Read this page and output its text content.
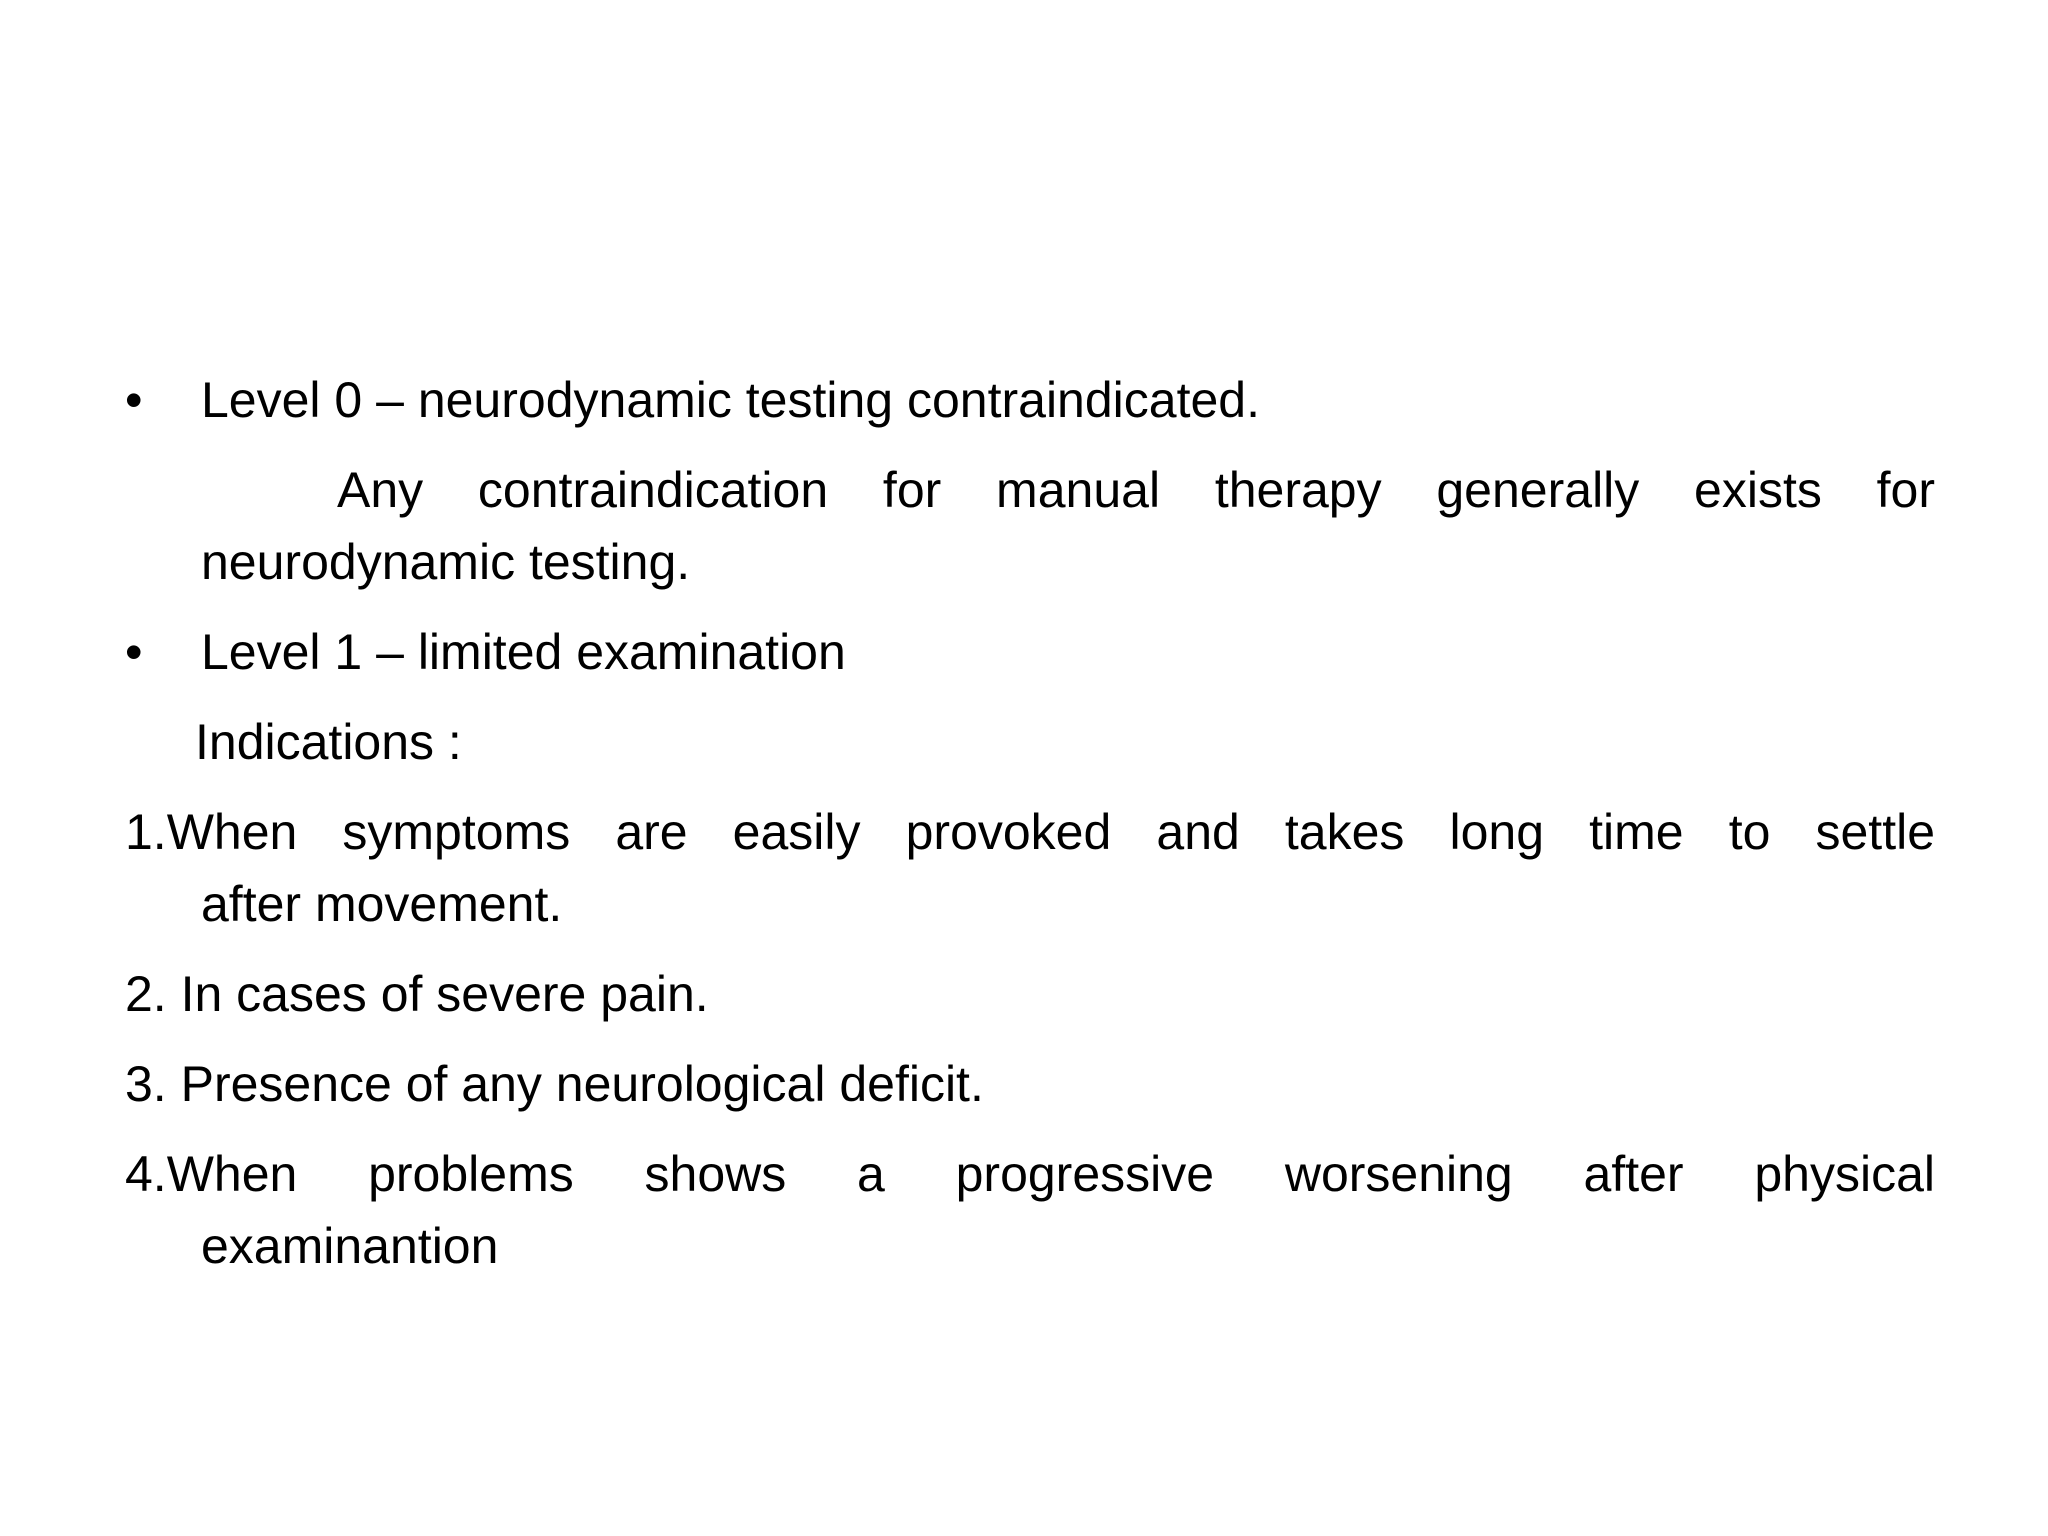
•	Level 0 – neurodynamic testing contraindicated.
Any contraindication for manual therapy generally exists for
neurodynamic testing.
•	Level 1 – limited examination
Indications :
1.When symptoms are easily provoked and takes long time to settle
after movement.
2. In cases of severe pain.
3. Presence of any neurological deficit.
4.When problems shows a progressive worsening after physical
examinantion
